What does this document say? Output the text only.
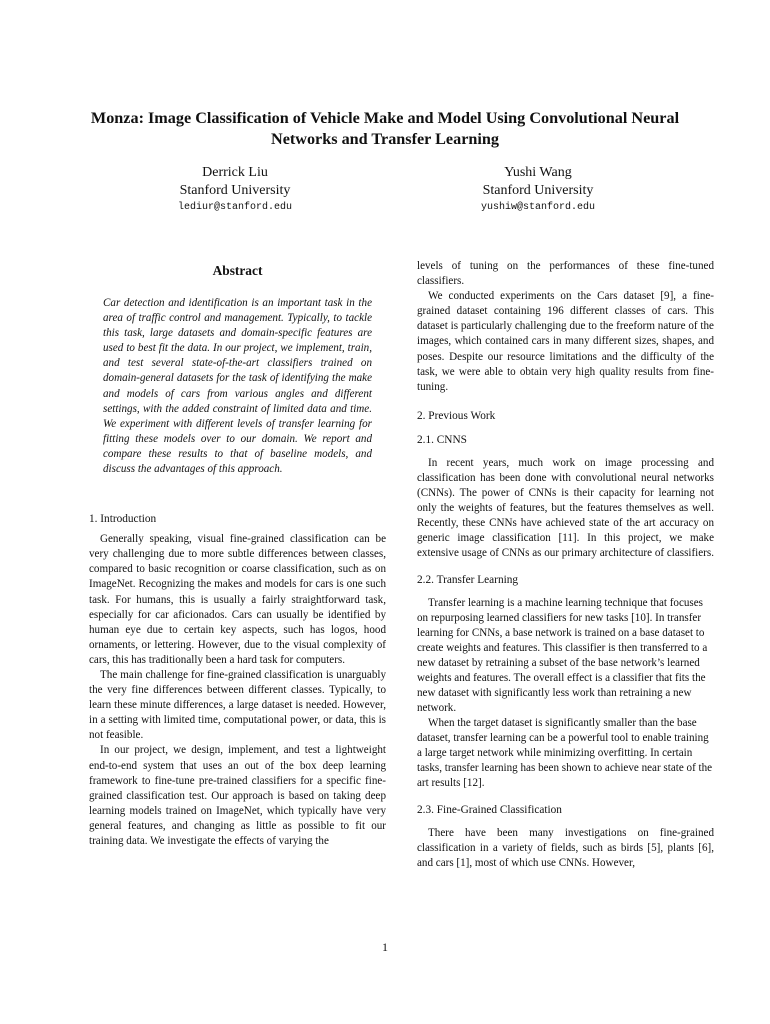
Monza: Image Classification of Vehicle Make and Model Using Convolutional Neural Networks and Transfer Learning
Derrick Liu
Stanford University
lediur@stanford.edu
Yushi Wang
Stanford University
yushiw@stanford.edu
Abstract
Car detection and identification is an important task in the area of traffic control and management. Typically, to tackle this task, large datasets and domain-specific features are used to best fit the data. In our project, we implement, train, and test several state-of-the-art classifiers trained on domain-general datasets for the task of identifying the make and models of cars from various angles and different settings, with the added constraint of limited data and time. We experiment with different levels of transfer learning for fitting these models over to our domain. We report and compare these results to that of baseline models, and discuss the advantages of this approach.
1. Introduction

Generally speaking, visual fine-grained classification can be very challenging due to more subtle differences between classes, compared to basic recognition or coarse classification, such as on ImageNet. Recognizing the makes and models for cars is one such task. For humans, this is usually a fairly straightforward task, especially for car aficionados. Cars can usually be identified by human eye due to certain key aspects, such has logos, hood ornaments, or lettering. However, due to the visual complexity of cars, this has traditionally been a hard task for computers.

The main challenge for fine-grained classification is unarguably the very fine differences between different classes. Typically, to learn these minute differences, a large dataset is needed. However, in a setting with limited time, computational power, or data, this is not feasible.

In our project, we design, implement, and test a lightweight end-to-end system that uses an out of the box deep learning framework to fine-tune pre-trained classifiers for a specific fine-grained classification test. Our approach is based on taking deep learning models trained on ImageNet, which typically have very general features, and changing as little as possible to fit our training data. We investigate the effects of varying the

levels of tuning on the performances of these fine-tuned classifiers.

We conducted experiments on the Cars dataset [9], a fine-grained dataset containing 196 different classes of cars. This dataset is particularly challenging due to the freeform nature of the images, which contained cars in many different sizes, shapes, and poses. Despite our resource limitations and the difficulty of the task, we were able to obtain very high quality results from fine-tuning.

2. Previous Work
2.1. CNNS

In recent years, much work on image processing and classification has been done with convolutional neural networks (CNNs). The power of CNNs is their capacity for learning not only the weights of features, but the features themselves as well. Recently, these CNNs have achieved state of the art accuracy on generic image classification [11]. In this project, we make extensive usage of CNNs as our primary architecture of classifiers.

2.2. Transfer Learning

Transfer learning is a machine learning technique that focuses on repurposing learned classifiers for new tasks [10]. In transfer learning for CNNs, a base network is trained on a base dataset to create weights and features. This classifier is then transferred to a new dataset by retraining a subset of the base network’s learned weights and features. The overall effect is a classifier that fits the new dataset with significantly less work than retraining a new network.

When the target dataset is significantly smaller than the base dataset, transfer learning can be a powerful tool to enable training a large target network while minimizing overfitting. In certain tasks, transfer learning has been shown to achieve near state of the art results [12].

2.3. Fine-Grained Classification

There have been many investigations on fine-grained classification in a variety of fields, such as birds [5], plants [6], and cars [1], most of which use CNNs. However,

1
